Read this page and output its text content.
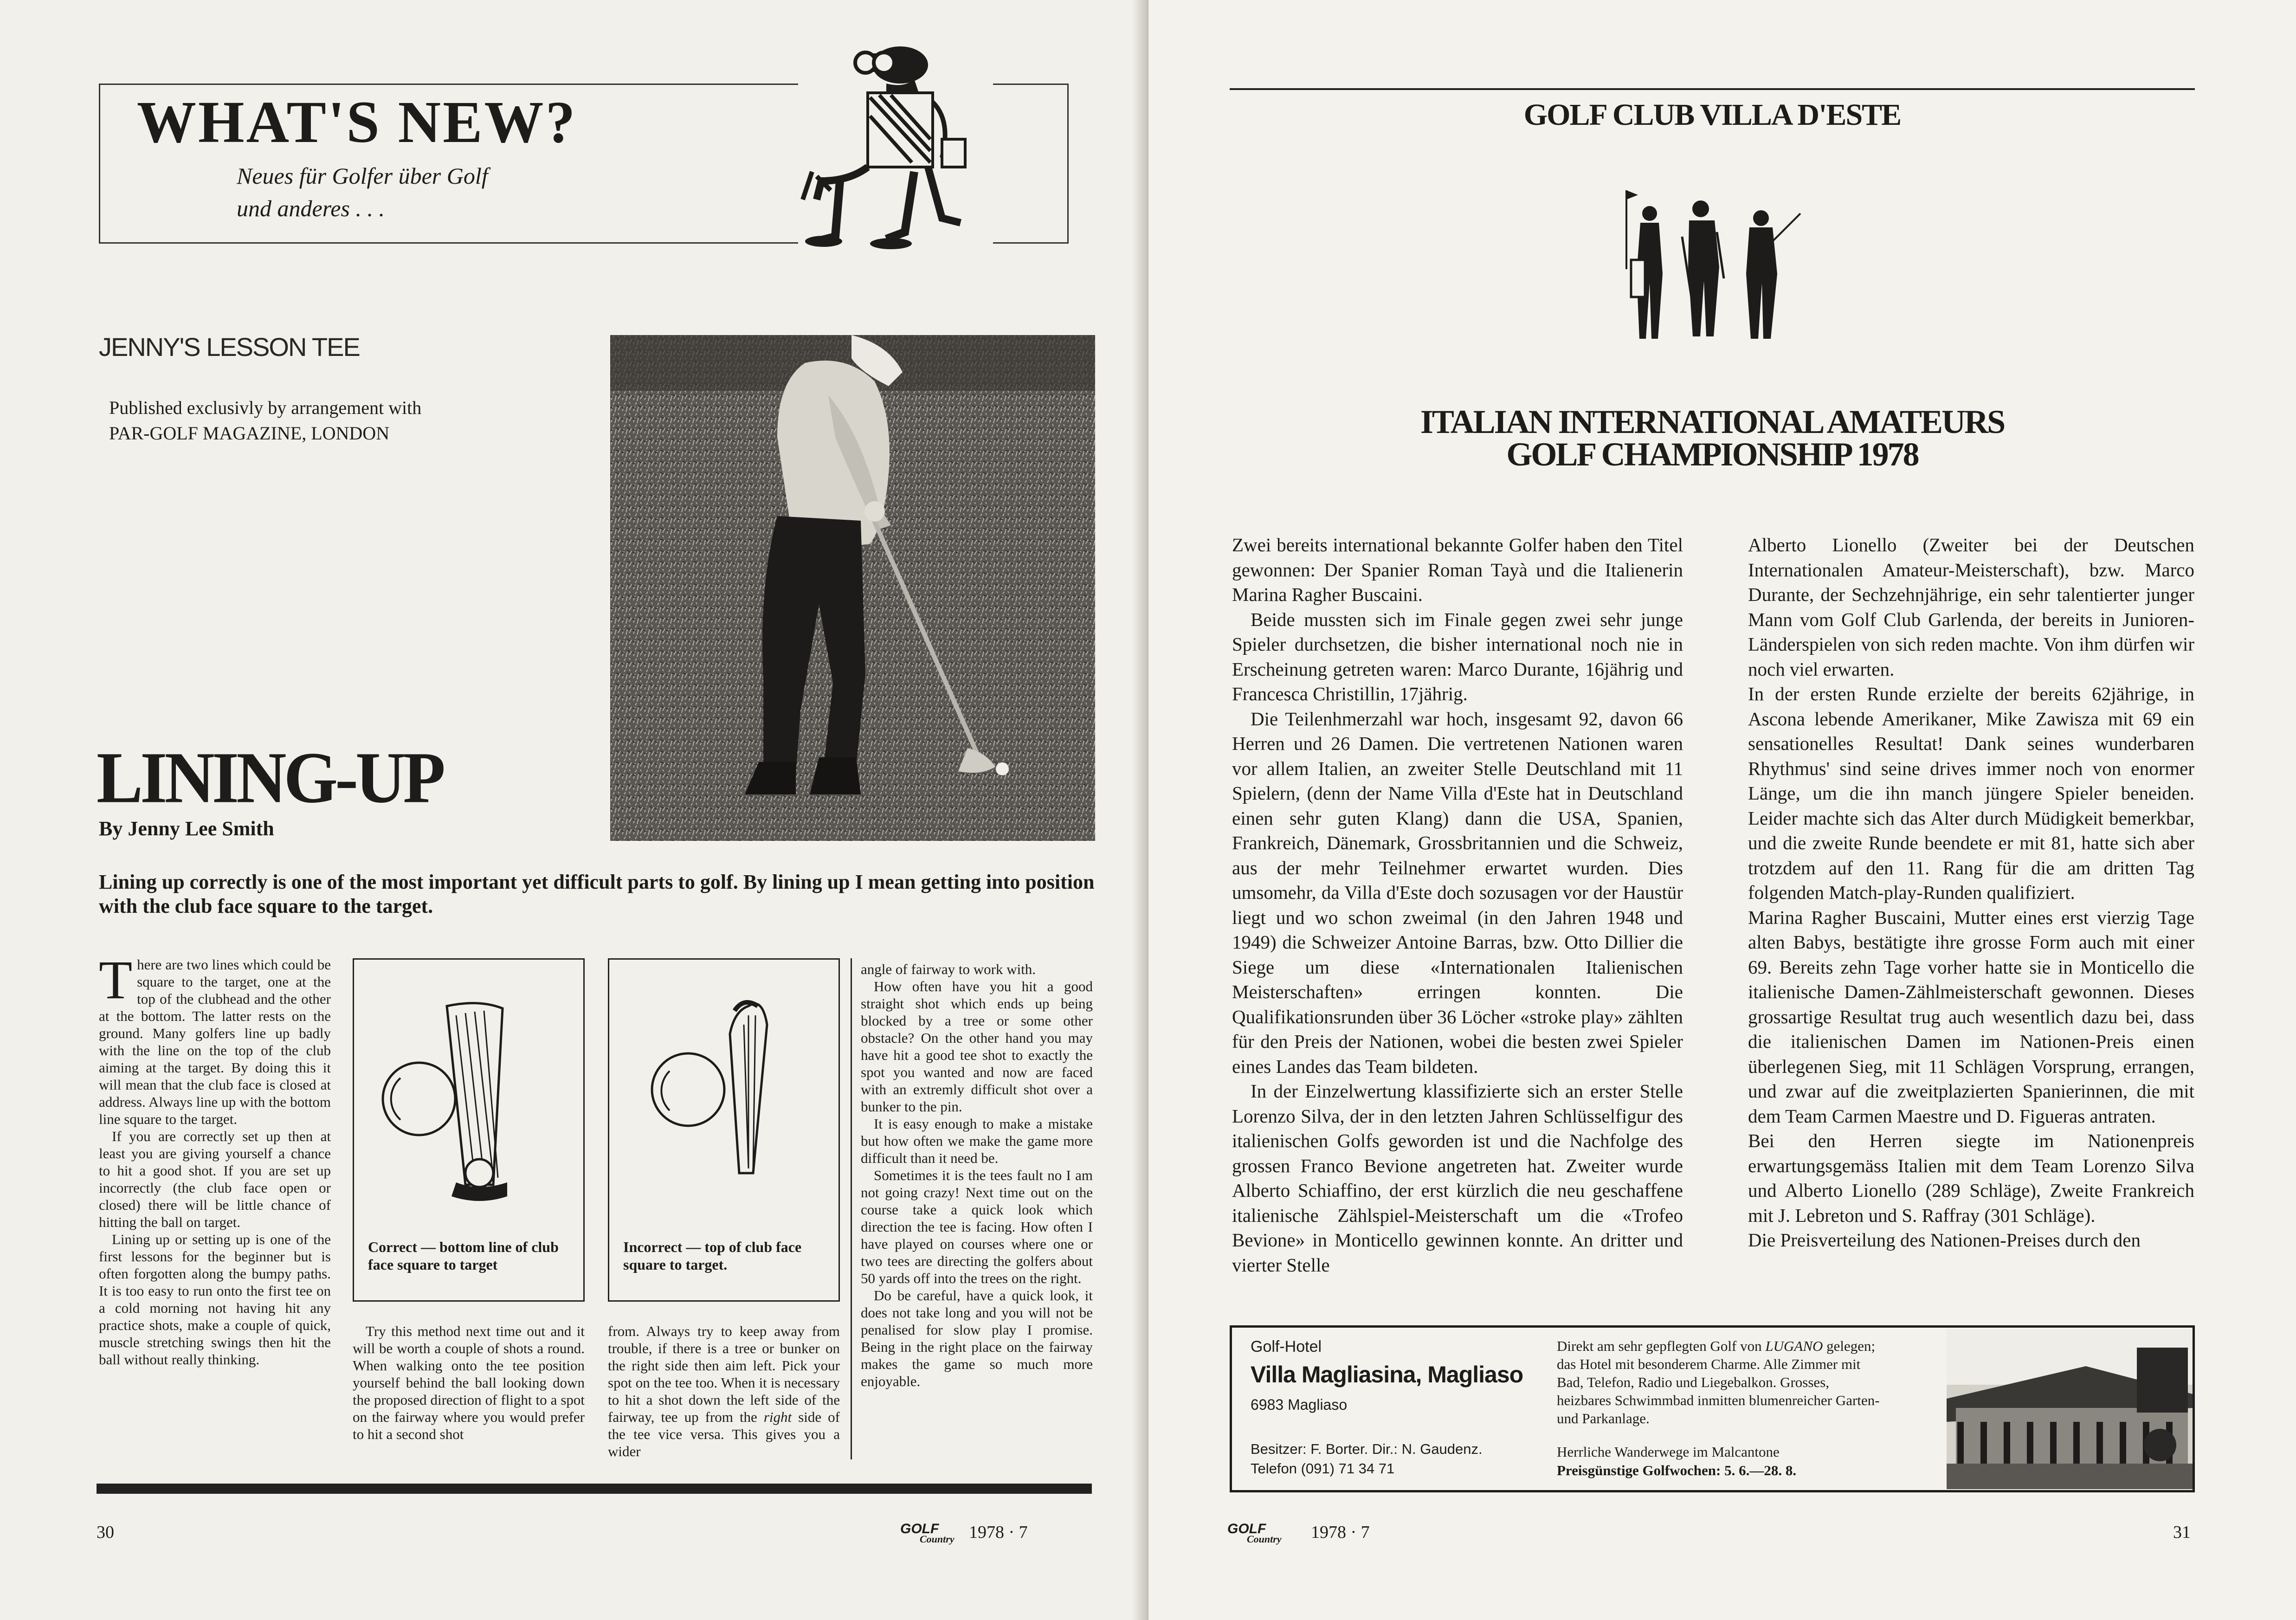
WHAT'S NEW?
Neues für Golfer über Golf
und anderes . . .
JENNY'S LESSON TEE
Published exclusivly by arrangement with
PAR-GOLF MAGAZINE, LONDON
LINING-UP
By Jenny Lee Smith
Lining up correctly is one of the most important yet difficult parts to golf. By lining up I mean getting into position with the club face square to the target.

There are two lines which could be square to the target, one at the top of the clubhead and the other at the bottom. The latter rests on the ground. Many golfers line up badly with the line on the top of the club aiming at the target. By doing this it will mean that the club face is closed at address. Always line up with the bottom line square to the target.

If you are correctly set up then at least you are giving yourself a chance to hit a good shot. If you are set up incorrectly (the club face open or closed) there will be little chance of hitting the ball on target.

Lining up or setting up is one of the first lessons for the beginner but is often forgotten along the bumpy paths. It is too easy to run onto the first tee on a cold morning not having hit any practice shots, make a couple of quick, muscle stretching swings then hit the ball without really thinking.

Correct — bottom line of club face square to target
Incorrect — top of club face square to target.

Try this method next time out and it will be worth a couple of shots a round. When walking onto the tee position yourself behind the ball looking down the proposed direction of flight to a spot on the fairway where you would prefer to hit a second shot

from. Always try to keep away from trouble, if there is a tree or bunker on the right side then aim left. Pick your spot on the tee too. When it is necessary to hit a shot down the left side of the fairway, tee up from the right side of the tee vice versa. This gives you a wider

angle of fairway to work with.

How often have you hit a good straight shot which ends up being blocked by a tree or some other obstacle? On the other hand you may have hit a good tee shot to exactly the spot you wanted and now are faced with an extremly difficult shot over a bunker to the pin.

It is easy enough to make a mistake but how often we make the game more difficult than it need be.

Sometimes it is the tees fault no I am not going crazy! Next time out on the course take a quick look which direction the tee is facing. How often I have played on courses where one or two tees are directing the golfers about 50 yards off into the trees on the right.

Do be careful, have a quick look, it does not take long and you will not be penalised for slow play I promise. Being in the right place on the fairway makes the game so much more enjoyable.

30	GOLF
Country 1978 · 7
GOLF CLUB VILLA D'ESTE
ITALIAN INTERNATIONAL AMATEURS
GOLF CHAMPIONSHIP 1978

Zwei bereits international bekannte Golfer haben den Titel gewonnen: Der Spanier Roman Tayà und die Italienerin Marina Ragher Buscaini.

Beide mussten sich im Finale gegen zwei sehr junge Spieler durchsetzen, die bisher international noch nie in Erscheinung getreten waren: Marco Durante, 16jährig und Francesca Christillin, 17jährig.

Die Teilenhmerzahl war hoch, insgesamt 92, davon 66 Herren und 26 Damen. Die vertretenen Nationen waren vor allem Italien, an zweiter Stelle Deutschland mit 11 Spielern, (denn der Name Villa d'Este hat in Deutschland einen sehr guten Klang) dann die USA, Spanien, Frankreich, Dänemark, Grossbritannien und die Schweiz, aus der mehr Teilnehmer erwartet wurden. Dies umsomehr, da Villa d'Este doch sozusagen vor der Haustür liegt und wo schon zweimal (in den Jahren 1948 und 1949) die Schweizer Antoine Barras, bzw. Otto Dillier die Siege um diese «Internationalen Italienischen Meisterschaften» erringen konnten. Die Qualifikationsrunden über 36 Löcher «stroke play» zählten für den Preis der Nationen, wobei die besten zwei Spieler eines Landes das Team bildeten.

In der Einzelwertung klassifizierte sich an erster Stelle Lorenzo Silva, der in den letzten Jahren Schlüsselfigur des italienischen Golfs geworden ist und die Nachfolge des grossen Franco Bevione angetreten hat. Zweiter wurde Alberto Schiaffino, der erst kürzlich die neu geschaffene italienische Zählspiel-Meisterschaft um die «Trofeo Bevione» in Monticello gewinnen konnte. An dritter und vierter Stelle

Alberto Lionello (Zweiter bei der Deutschen Internationalen Amateur-Meisterschaft), bzw. Marco Durante, der Sechzehnjährige, ein sehr talentierter junger Mann vom Golf Club Garlenda, der bereits in Junioren-Länderspielen von sich reden machte. Von ihm dürfen wir noch viel erwarten.

In der ersten Runde erzielte der bereits 62jährige, in Ascona lebende Amerikaner, Mike Zawisza mit 69 ein sensationelles Resultat! Dank seines wunderbaren Rhythmus' sind seine drives immer noch von enormer Länge, um die ihn manch jüngere Spieler beneiden. Leider machte sich das Alter durch Müdigkeit bemerkbar, und die zweite Runde beendete er mit 81, hatte sich aber trotzdem auf den 11. Rang für die am dritten Tag folgenden Match-play-Runden qualifiziert.

Marina Ragher Buscaini, Mutter eines erst vierzig Tage alten Babys, bestätigte ihre grosse Form auch mit einer 69. Bereits zehn Tage vorher hatte sie in Monticello die italienische Damen-Zählmeisterschaft gewonnen. Dieses grossartige Resultat trug auch wesentlich dazu bei, dass die italienischen Damen im Nationen-Preis einen überlegenen Sieg, mit 11 Schlägen Vorsprung, errangen, und zwar auf die zweitplazierten Spanierinnen, die mit dem Team Carmen Maestre und D. Figueras antraten.

Bei den Herren siegte im Nationenpreis erwartungsgemäss Italien mit dem Team Lorenzo Silva und Alberto Lionello (289 Schläge), Zweite Frankreich mit J. Lebreton und S. Raffray (301 Schläge).

Die Preisverteilung des Nationen-Preises durch den

Golf-Hotel
Villa Magliasina, Magliaso
6983 Magliaso
Besitzer: F. Borter. Dir.: N. Gaudenz.
Telefon (091) 71 34 71
Direkt am sehr gepflegten Golf von LUGANO gelegen; das Hotel mit besonderem Charme. Alle Zimmer mit Bad, Telefon, Radio und Liegebalkon. Grosses, heizbares Schwimmbad inmitten blumenreicher Garten- und Parkanlage.
Herrliche Wanderwege im Malcantone
Preisgünstige Golfwochen: 5. 6.—28. 8.
GOLF
Country 1978 · 7	31
